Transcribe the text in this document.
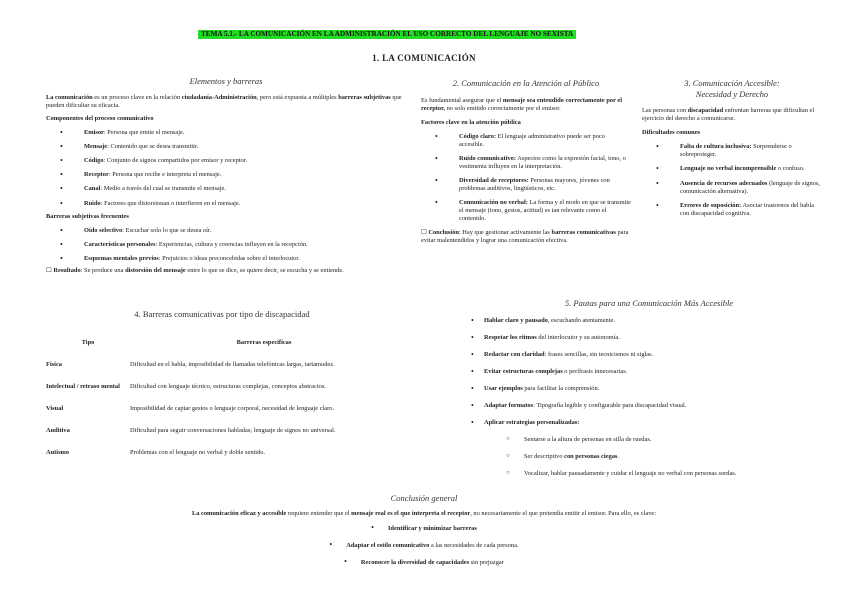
TEMA 5.1.- LA COMUNICACIÓN EN LA ADMINISTRACIÓN EL USO CORRECTO DEL LENGUAJE NO SEXISTA
1. LA COMUNICACIÓN
Elementos y barreras

La comunicación es un proceso clave en la relación ciudadanía-Administración, pero está expuesta a múltiples barreras subjetivas que pueden dificultar su eficacia.

Componentes del proceso comunicativo
• Emisor: Persona que emite el mensaje.
• Mensaje: Contenido que se desea transmitir.
• Código: Conjunto de signos compartidos por emisor y receptor.
• Receptor: Persona que recibe e interpreta el mensaje.
• Canal: Medio a través del cual se transmite el mensaje.
• Ruido: Factores que distorsionan o interfieren en el mensaje.
Barreras subjetivas frecuentes
• Oído selectivo: Escuchar solo lo que se desea oír.
• Características personales: Experiencias, cultura y creencias influyen en la recepción.
• Esquemas mentales previos: Prejuicios o ideas preconcebidas sobre el interlocutor.

☐ Resultado: Se produce una distorsión del mensaje entre lo que se dice, se quiere decir, se escucha y se entiende.

2. Comunicación en la Atención al Público

Es fundamental asegurar que el mensaje sea entendido correctamente por el receptor, no solo emitido correctamente por el emisor.

Factores clave en la atención pública
• Código claro: El lenguaje administrativo puede ser poco accesible.
• Ruido comunicativo: Aspectos como la expresión facial, tono, o vestimenta influyen en la interpretación.
• Diversidad de receptores: Personas mayores, jóvenes con problemas auditivos, lingüísticos, etc.
• Comunicación no verbal: La forma y el modo en que se transmite el mensaje (tono, gestos, actitud) es tan relevante como el contenido.

☐ Conclusión: Hay que gestionar activamente las barreras comunicativas para evitar malentendidos y lograr una comunicación efectiva.

3. Comunicación Accesible:
Necesidad y Derecho

Las personas con discapacidad enfrentan barreras que dificultan el ejercicio del derecho a comunicarse.

Dificultades comunes
• Falta de cultura inclusiva: Sorprenderse o sobreproteger.
• Lenguaje no verbal incomprensible o confuso.
• Ausencia de recursos adecuados (lenguaje de signos, comunicación alternativa).
• Errores de suposición: Asociar trastornos del habla con discapacidad cognitiva.
4. Barreras comunicativas por tipo de discapacidad
Tipo	Barreras específicas
Física	Dificultad en el habla, imposibilidad de llamadas telefónicas largas, tartamudez.
Intelectual / retraso mental	Dificultad con lenguaje técnico, estructuras complejas, conceptos abstractos.
Visual	Imposibilidad de captar gestos o lenguaje corporal, necesidad de lenguaje claro.
Auditiva	Dificultad para seguir conversaciones habladas; lenguaje de signos no universal.
Autismo	Problemas con el lenguaje no verbal y doble sentido.
5. Pautas para una Comunicación Más Accesible
• Hablar claro y pausado, escuchando atentamente.
• Respetar los ritmos del interlocutor y su autonomía.
• Redactar con claridad: frases sencillas, sin tecnicismos ni siglas.
• Evitar estructuras complejas o perífrasis innecesarias.
• Usar ejemplos para facilitar la comprensión.
• Adaptar formatos: Tipografía legible y configurable para discapacidad visual.
• Aplicar estrategias personalizadas:
○ Sentarse a la altura de personas en silla de ruedas.
○ Ser descriptivo con personas ciegas.
○ Vocalizar, hablar pausadamente y cuidar el lenguaje no verbal con personas sordas.
Conclusión general

La comunicación eficaz y accesible requiere entender que el mensaje real es el que interpreta el receptor, no necesariamente el que pretendía emitir el emisor. Para ello, es clave:

• Identificar y minimizar barreras
• Adaptar el estilo comunicativo a las necesidades de cada persona.
• Reconocer la diversidad de capacidades sin prejuzgar
